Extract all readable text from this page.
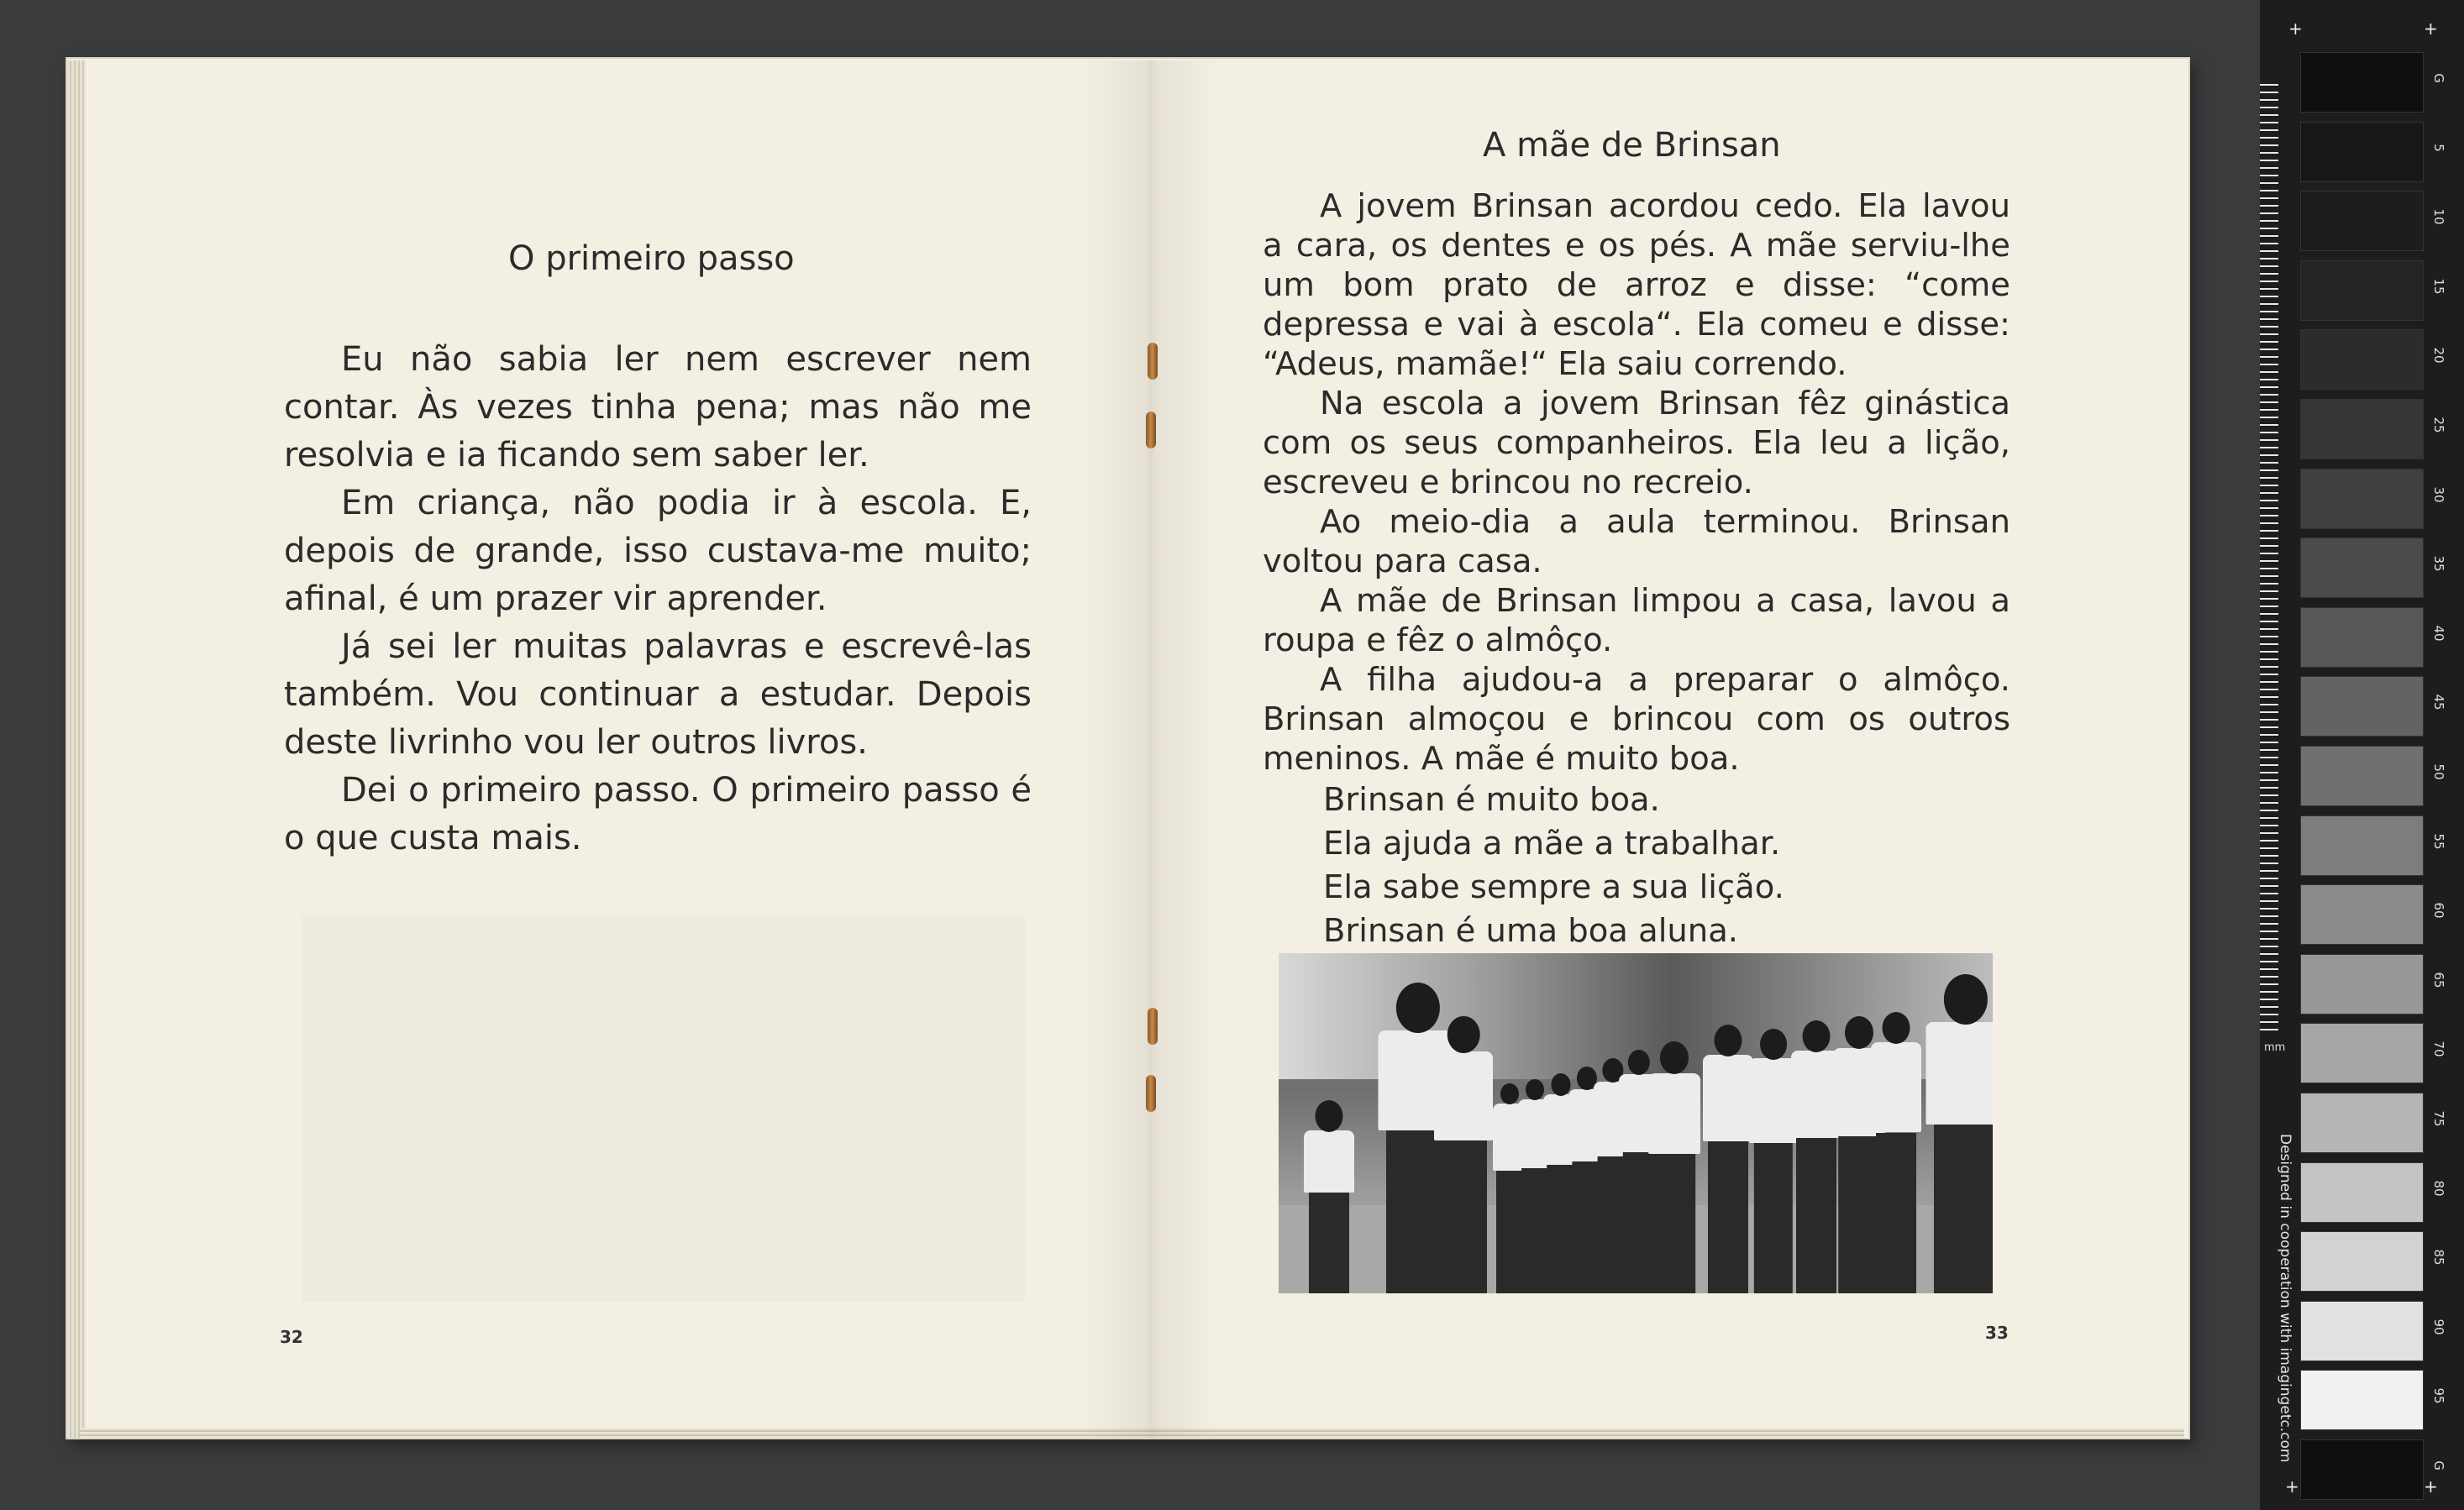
O primeiro passo

Eu não sabia ler nem escrever nem contar. Às vezes tinha pena; mas não me resolvia e ia ficando sem saber ler.

Em criança, não podia ir à escola. E, depois de grande, isso custava-me muito; afinal, é um prazer vir aprender.

Já sei ler muitas palavras e escrevê-las também. Vou continuar a estudar. Depois deste livrinho vou ler outros livros.

Dei o primeiro passo. O primeiro passo é o que custa mais.

32
A mãe de Brinsan

A jovem Brinsan acordou cedo. Ela lavou a cara, os dentes e os pés. A mãe serviu-lhe um bom prato de arroz e disse: “come depressa e vai à escola“. Ela comeu e disse: “Adeus, mamãe!“ Ela saiu correndo.

Na escola a jovem Brinsan fêz ginástica com os seus companheiros. Ela leu a lição, escreveu e brincou no recreio.

Ao meio-dia a aula terminou. Brinsan voltou para casa.

A mãe de Brinsan limpou a casa, lavou a roupa e fêz o almôço.

A filha ajudou-a a preparar o almôço. Brinsan almoçou e brincou com os outros meninos. A mãe é muito boa.

Brinsan é muito boa.

Ela ajuda a mãe a trabalhar.

Ela sabe sempre a sua lição.

Brinsan é uma boa aluna.

33
mm
G
5
10
15
20
25
30
35
40
45
50
55
60
65
70
75
80
85
90
95
G
Designed in cooperation with imagingetc.com
+	+
+	+
